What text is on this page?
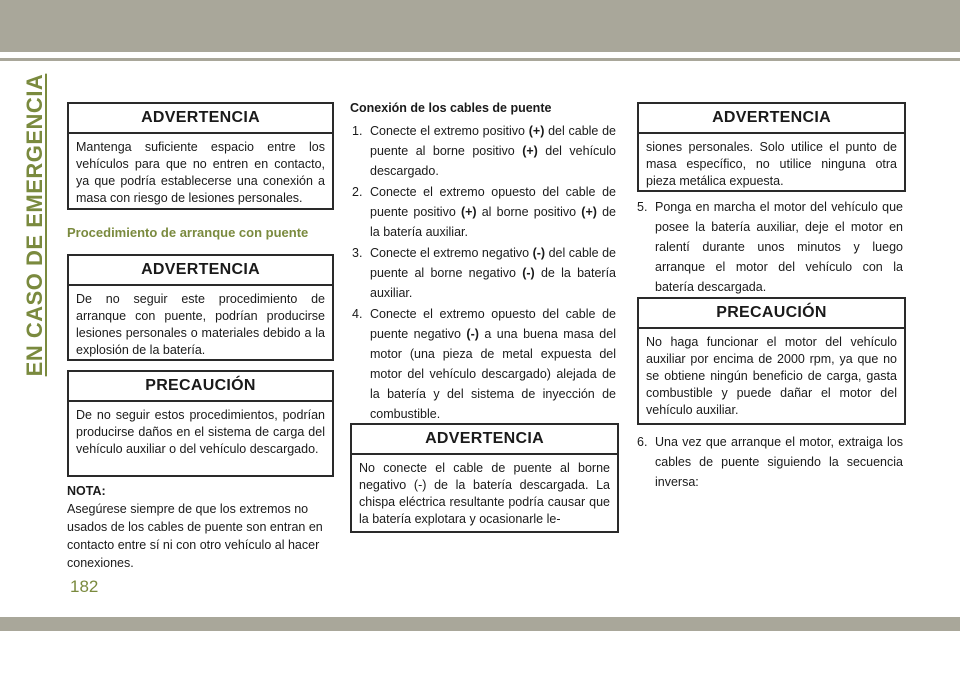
EN CASO DE EMERGENCIA	ADVERTENCIA
Mantenga suficiente espacio entre los vehículos para que no entren en contacto, ya que podría establecerse una conexión a masa con riesgo de lesiones personales.
Procedimiento de arranque con puente
ADVERTENCIA
De no seguir este procedimiento de arranque con puente, podrían producirse lesiones personales o materiales debido a la explosión de la batería.
PRECAUCIÓN
De no seguir estos procedimientos, podrían producirse daños en el sistema de carga del vehículo auxiliar o del vehículo descargado.
NOTA:
Asegúrese siempre de que los extremos no usados de los cables de puente son entran en contacto entre sí ni con otro vehículo al hacer conexiones.
Conexión de los cables de puente
1. Conecte el extremo positivo (+) del cable de puente al borne positivo (+) del vehículo descargado.
2. Conecte el extremo opuesto del cable de puente positivo (+) al borne positivo (+) de la batería auxiliar.
3. Conecte el extremo negativo (-) del cable de puente al borne negativo (-) de la batería auxiliar.
4. Conecte el extremo opuesto del cable de puente negativo (-) a una buena masa del motor (una pieza de metal expuesta del motor del vehículo descargado) alejada de la batería y del sistema de inyección de combustible.
ADVERTENCIA
No conecte el cable de puente al borne negativo (-) de la batería descargada. La chispa eléctrica resultante podría causar que la batería explotara y ocasionarle le-
ADVERTENCIA
siones personales. Solo utilice el punto de masa específico, no utilice ninguna otra pieza metálica expuesta.
5. Ponga en marcha el motor del vehículo que posee la batería auxiliar, deje el motor en ralentí durante unos minutos y luego arranque el motor del vehículo con la batería descargada.
PRECAUCIÓN
No haga funcionar el motor del vehículo auxiliar por encima de 2000 rpm, ya que no se obtiene ningún beneficio de carga, gasta combustible y puede dañar el motor del vehículo auxiliar.
6. Una vez que arranque el motor, extraiga los cables de puente siguiendo la secuencia inversa:
182
